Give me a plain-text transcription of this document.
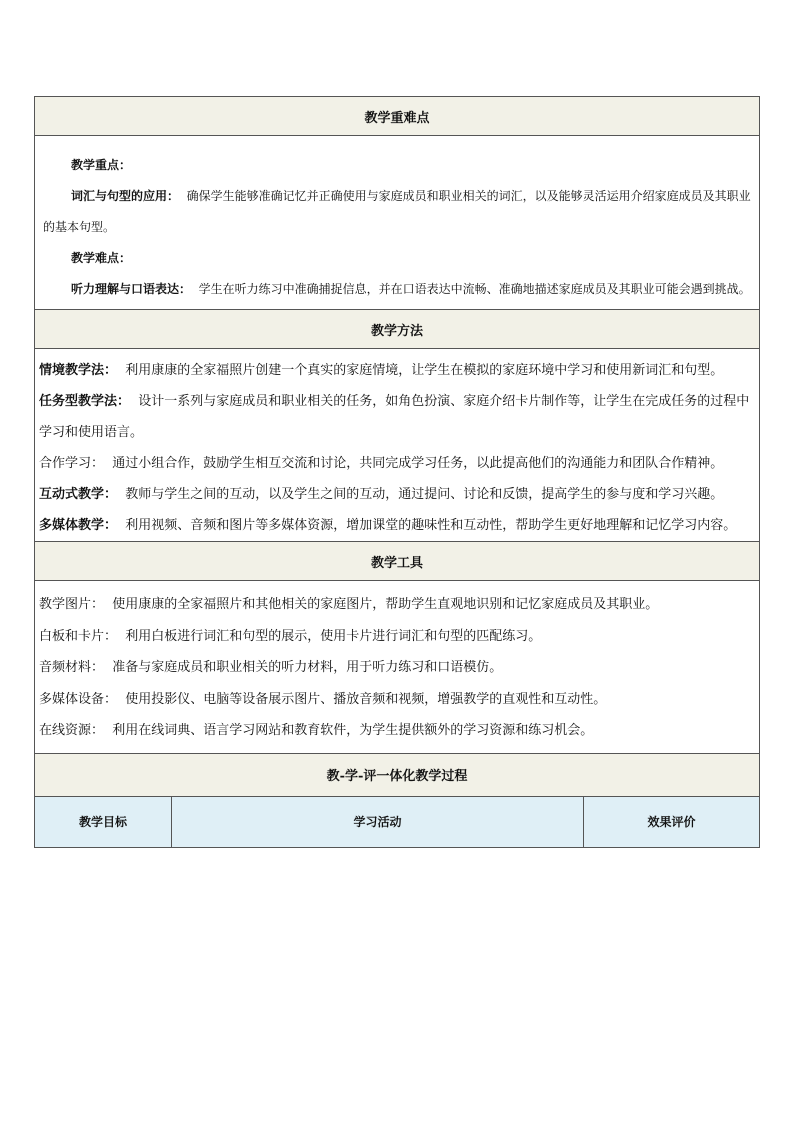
教学重难点

教学重点：

词汇与句型的应用： 确保学生能够准确记忆并正确使用与家庭成员和职业相关的词汇，以及能够灵活运用介绍家庭成员及其职业的基本句型。

教学难点：

听力理解与口语表达： 学生在听力练习中准确捕捉信息，并在口语表达中流畅、准确地描述家庭成员及其职业可能会遇到挑战。

教学方法

情境教学法： 利用康康的全家福照片创建一个真实的家庭情境，让学生在模拟的家庭环境中学习和使用新词汇和句型。

任务型教学法： 设计一系列与家庭成员和职业相关的任务，如角色扮演、家庭介绍卡片制作等，让学生在完成任务的过程中学习和使用语言。

合作学习： 通过小组合作，鼓励学生相互交流和讨论，共同完成学习任务，以此提高他们的沟通能力和团队合作精神。

互动式教学： 教师与学生之间的互动，以及学生之间的互动，通过提问、讨论和反馈，提高学生的参与度和学习兴趣。

多媒体教学： 利用视频、音频和图片等多媒体资源，增加课堂的趣味性和互动性，帮助学生更好地理解和记忆学习内容。

教学工具

教学图片： 使用康康的全家福照片和其他相关的家庭图片，帮助学生直观地识别和记忆家庭成员及其职业。

白板和卡片： 利用白板进行词汇和句型的展示，使用卡片进行词汇和句型的匹配练习。

音频材料： 准备与家庭成员和职业相关的听力材料，用于听力练习和口语模仿。

多媒体设备： 使用投影仪、电脑等设备展示图片、播放音频和视频，增强教学的直观性和互动性。

在线资源： 利用在线词典、语言学习网站和教育软件，为学生提供额外的学习资源和练习机会。

教-学-评一体化教学过程
教学目标	学习活动	效果评价
